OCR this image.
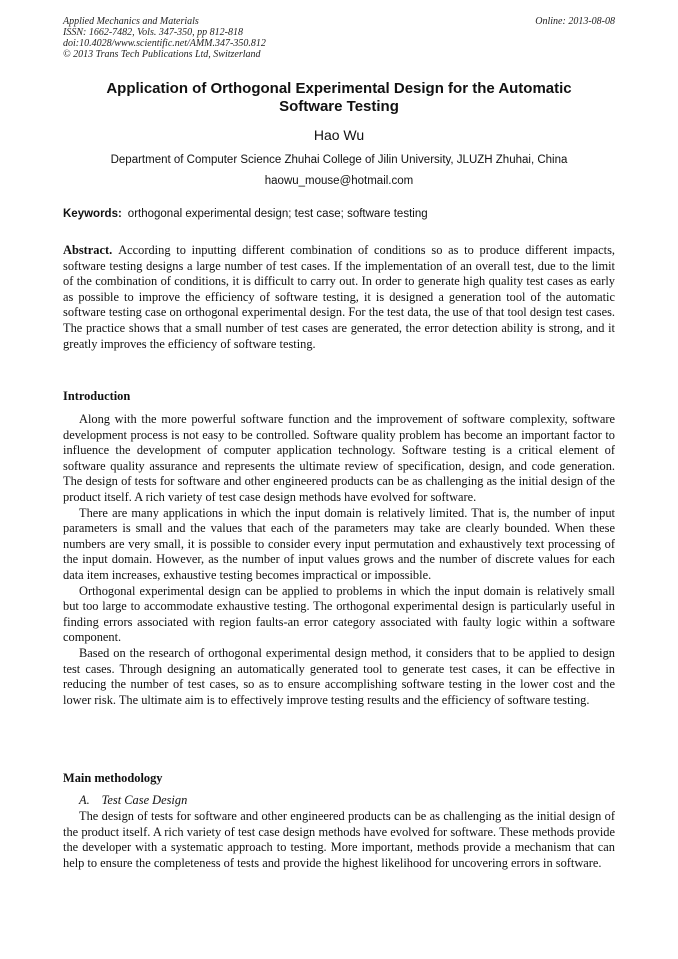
Applied Mechanics and Materials
ISSN: 1662-7482, Vols. 347-350, pp 812-818
doi:10.4028/www.scientific.net/AMM.347-350.812
© 2013 Trans Tech Publications Ltd, Switzerland
Online: 2013-08-08
Application of Orthogonal Experimental Design for the Automatic
Software Testing
Hao Wu
Department of Computer Science Zhuhai College of Jilin University, JLUZH Zhuhai, China
haowu_mouse@hotmail.com
Keywords: orthogonal experimental design; test case; software testing
Abstract. According to inputting different combination of conditions so as to produce different impacts, software testing designs a large number of test cases. If the implementation of an overall test, due to the limit of the combination of conditions, it is difficult to carry out. In order to generate high quality test cases as early as possible to improve the efficiency of software testing, it is designed a generation tool of the automatic software testing case on orthogonal experimental design. For the test data, the use of that tool design test cases. The practice shows that a small number of test cases are generated, the error detection ability is strong, and it greatly improves the efficiency of software testing.
Introduction

Along with the more powerful software function and the improvement of software complexity, software development process is not easy to be controlled. Software quality problem has become an important factor to influence the development of computer application technology. Software testing is a critical element of software quality assurance and represents the ultimate review of specification, design, and code generation. The design of tests for software and other engineered products can be as challenging as the initial design of the product itself. A rich variety of test case design methods have evolved for software.

There are many applications in which the input domain is relatively limited. That is, the number of input parameters is small and the values that each of the parameters may take are clearly bounded. When these numbers are very small, it is possible to consider every input permutation and exhaustively text processing of the input domain. However, as the number of input values grows and the number of discrete values for each data item increases, exhaustive testing becomes impractical or impossible.

Orthogonal experimental design can be applied to problems in which the input domain is relatively small but too large to accommodate exhaustive testing. The orthogonal experimental design is particularly useful in finding errors associated with region faults-an error category associated with faulty logic within a software component.

Based on the research of orthogonal experimental design method, it considers that to be applied to design test cases. Through designing an automatically generated tool to generate test cases, it can be effective in reducing the number of test cases, so as to ensure accomplishing software testing in the lower cost and the lower risk. The ultimate aim is to effectively improve testing results and the efficiency of software testing.

Main methodology
A. Test Case Design

The design of tests for software and other engineered products can be as challenging as the initial design of the product itself. A rich variety of test case design methods have evolved for software. These methods provide the developer with a systematic approach to testing. More important, methods provide a mechanism that can help to ensure the completeness of tests and provide the highest likelihood for uncovering errors in software.
